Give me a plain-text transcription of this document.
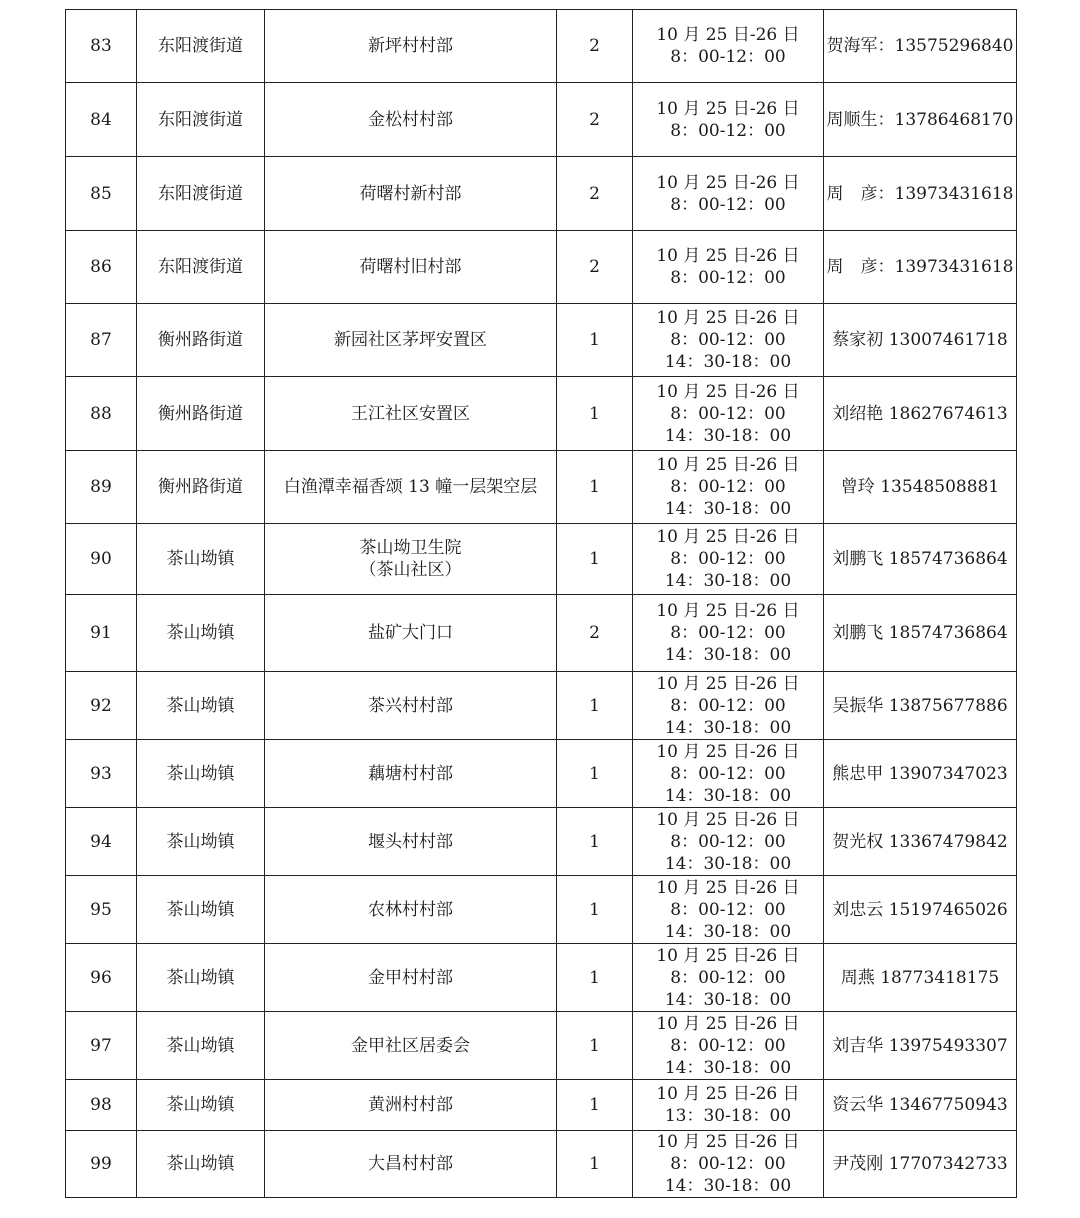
83	东阳渡街道	新坪村村部	2	10 月 25 日-26 日
8：00-12：00	贺海军：13575296840
84	东阳渡街道	金松村村部	2	10 月 25 日-26 日
8：00-12：00	周顺生：13786468170
85	东阳渡街道	荷曙村新村部	2	10 月 25 日-26 日
8：00-12：00	周　彦：13973431618
86	东阳渡街道	荷曙村旧村部	2	10 月 25 日-26 日
8：00-12：00	周　彦：13973431618
87	衡州路街道	新园社区茅坪安置区	1	10 月 25 日-26 日
8：00-12：00
14：30-18：00	蔡家初 13007461718
88	衡州路街道	王江社区安置区	1	10 月 25 日-26 日
8：00-12：00
14：30-18：00	刘绍艳 18627674613
89	衡州路街道	白渔潭幸福香颂 13 幢一层架空层	1	10 月 25 日-26 日
8：00-12：00
14：30-18：00	曾玲 13548508881
90	茶山坳镇	茶山坳卫生院
（茶山社区）	1	10 月 25 日-26 日
8：00-12：00
14：30-18：00	刘鹏飞 18574736864
91	茶山坳镇	盐矿大门口	2	10 月 25 日-26 日
8：00-12：00
14：30-18：00	刘鹏飞 18574736864
92	茶山坳镇	茶兴村村部	1	10 月 25 日-26 日
8：00-12：00
14：30-18：00	吴振华 13875677886
93	茶山坳镇	藕塘村村部	1	10 月 25 日-26 日
8：00-12：00
14：30-18：00	熊忠甲 13907347023
94	茶山坳镇	堰头村村部	1	10 月 25 日-26 日
8：00-12：00
14：30-18：00	贺光权 13367479842
95	茶山坳镇	农林村村部	1	10 月 25 日-26 日
8：00-12：00
14：30-18：00	刘忠云 15197465026
96	茶山坳镇	金甲村村部	1	10 月 25 日-26 日
8：00-12：00
14：30-18：00	周燕 18773418175
97	茶山坳镇	金甲社区居委会	1	10 月 25 日-26 日
8：00-12：00
14：30-18：00	刘吉华 13975493307
98	茶山坳镇	黄洲村村部	1	10 月 25 日-26 日
13：30-18：00	资云华 13467750943
99	茶山坳镇	大昌村村部	1	10 月 25 日-26 日
8：00-12：00
14：30-18：00	尹茂刚 17707342733
